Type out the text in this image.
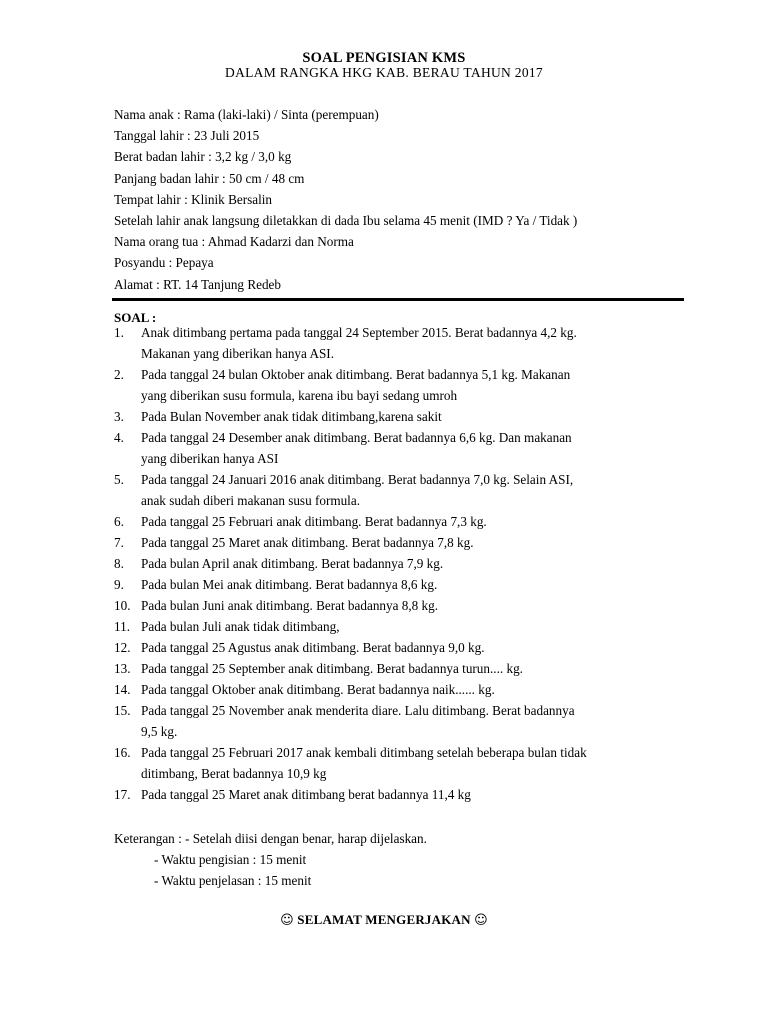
SOAL PENGISIAN KMS
DALAM RANGKA HKG KAB. BERAU TAHUN 2017
Nama anak : Rama (laki-laki) / Sinta (perempuan)
Tanggal lahir : 23 Juli 2015
Berat badan lahir : 3,2 kg / 3,0 kg
Panjang badan lahir : 50 cm / 48 cm
Tempat lahir : Klinik Bersalin
Setelah lahir anak langsung diletakkan di dada Ibu selama 45 menit (IMD ? Ya / Tidak )
Nama orang tua : Ahmad Kadarzi dan Norma
Posyandu : Pepaya
Alamat : RT. 14 Tanjung Redeb
SOAL :
1. Anak ditimbang pertama pada tanggal 24 September 2015. Berat badannya 4,2 kg.
Makanan yang diberikan hanya ASI.
2. Pada tanggal 24 bulan Oktober anak ditimbang. Berat badannya 5,1 kg. Makanan
yang diberikan susu formula, karena ibu bayi sedang umroh
3. Pada Bulan November anak tidak ditimbang,karena sakit
4. Pada tanggal 24 Desember anak ditimbang. Berat badannya 6,6 kg. Dan makanan
yang diberikan hanya ASI
5. Pada tanggal 24 Januari 2016 anak ditimbang. Berat badannya 7,0 kg. Selain ASI,
anak sudah diberi makanan susu formula.
6. Pada tanggal 25 Februari anak ditimbang. Berat badannya 7,3 kg.
7. Pada tanggal 25 Maret anak ditimbang. Berat badannya 7,8 kg.
8. Pada bulan April anak ditimbang. Berat badannya 7,9 kg.
9. Pada bulan Mei anak ditimbang. Berat badannya 8,6 kg.
10. Pada bulan Juni anak ditimbang. Berat badannya 8,8 kg.
11. Pada bulan Juli anak tidak ditimbang,
12. Pada tanggal 25 Agustus anak ditimbang. Berat badannya 9,0 kg.
13. Pada tanggal 25 September anak ditimbang. Berat badannya turun.... kg.
14. Pada tanggal Oktober anak ditimbang. Berat badannya naik...... kg.
15. Pada tanggal 25 November anak menderita diare. Lalu ditimbang. Berat badannya
9,5 kg.
16. Pada tanggal 25 Februari 2017 anak kembali ditimbang setelah beberapa bulan tidak
ditimbang, Berat badannya 10,9 kg
17. Pada tanggal 25 Maret anak ditimbang berat badannya 11,4 kg
Keterangan : - Setelah diisi dengan benar, harap dijelaskan.
- Waktu pengisian : 15 menit
- Waktu penjelasan : 15 menit
☺ SELAMAT MENGERJAKAN ☺
